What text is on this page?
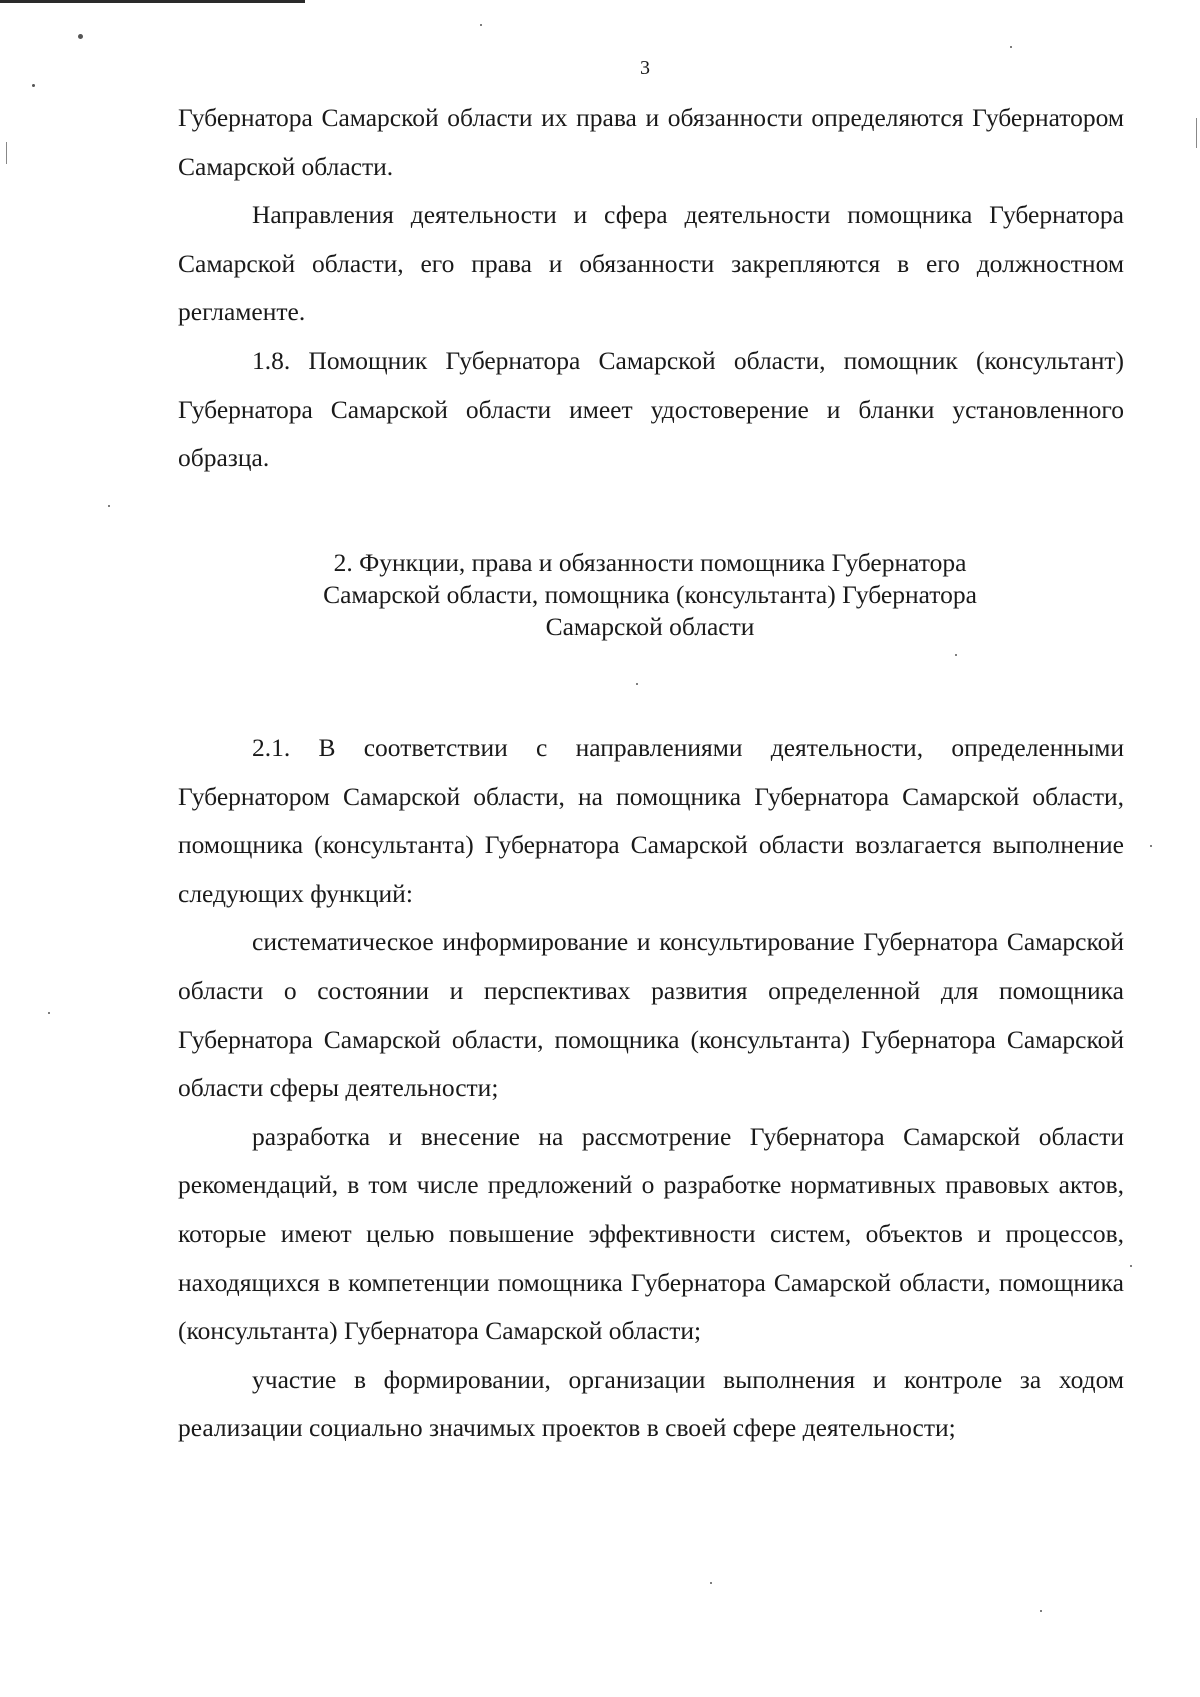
3

Губернатора Самарской области их права и обязанности определяются Губернатором Самарской области.

Направления деятельности и сфера деятельности помощника Губернатора Самарской области, его права и обязанности закрепляются в его должностном регламенте.

1.8. Помощник Губернатора Самарской области, помощник (консультант) Губернатора Самарской области имеет удостоверение и бланки установленного образца.

2. Функции, права и обязанности помощника Губернатора
Самарской области, помощника (консультанта) Губернатора
Самарской области

2.1. В соответствии с направлениями деятельности, определенными Губернатором Самарской области, на помощника Губернатора Самарской области, помощника (консультанта) Губернатора Самарской области возлагается выполнение следующих функций:

систематическое информирование и консультирование Губернатора Самарской области о состоянии и перспективах развития определенной для помощника Губернатора Самарской области, помощника (консультанта) Губернатора Самарской области сферы деятельности;

разработка и внесение на рассмотрение Губернатора Самарской области рекомендаций, в том числе предложений о разработке нормативных правовых актов, которые имеют целью повышение эффективности систем, объектов и процессов, находящихся в компетенции помощника Губернатора Самарской области, помощника (консультанта) Губернатора Самарской области;

участие в формировании, организации выполнения и контроле за ходом реализации социально значимых проектов в своей сфере деятельности;
